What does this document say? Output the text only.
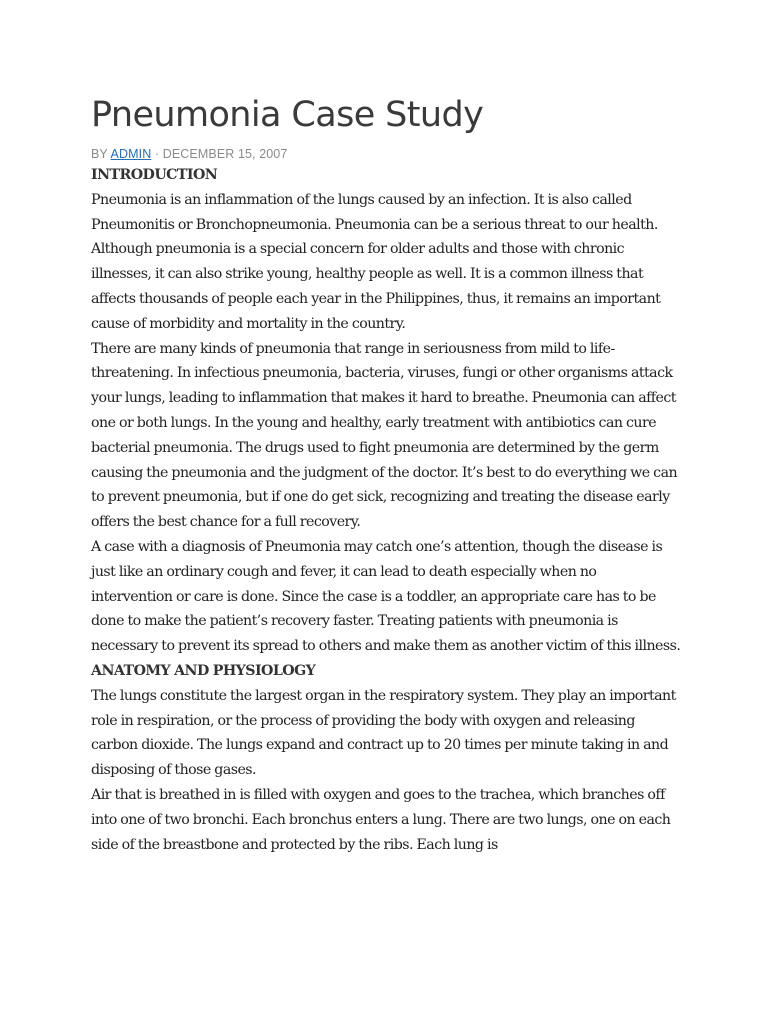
Pneumonia Case Study
BY ADMIN · DECEMBER 15, 2007

INTRODUCTION

Pneumonia is an inflammation of the lungs caused by an infection. It is also called Pneumonitis or Bronchopneumonia. Pneumonia can be a serious threat to our health. Although pneumonia is a special concern for older adults and those with chronic illnesses, it can also strike young, healthy people as well. It is a common illness that affects thousands of people each year in the Philippines, thus, it remains an important cause of morbidity and mortality in the country.

There are many kinds of pneumonia that range in seriousness from mild to life-threatening. In infectious pneumonia, bacteria, viruses, fungi or other organisms attack your lungs, leading to inflammation that makes it hard to breathe. Pneumonia can affect one or both lungs. In the young and healthy, early treatment with antibiotics can cure bacterial pneumonia. The drugs used to fight pneumonia are determined by the germ causing the pneumonia and the judgment of the doctor. It’s best to do everything we can to prevent pneumonia, but if one do get sick, recognizing and treating the disease early offers the best chance for a full recovery.

A case with a diagnosis of Pneumonia may catch one’s attention, though the disease is just like an ordinary cough and fever, it can lead to death especially when no intervention or care is done. Since the case is a toddler, an appropriate care has to be done to make the patient’s recovery faster. Treating patients with pneumonia is necessary to prevent its spread to others and make them as another victim of this illness.

ANATOMY AND PHYSIOLOGY

The lungs constitute the largest organ in the respiratory system. They play an important role in respiration, or the process of providing the body with oxygen and releasing carbon dioxide. The lungs expand and contract up to 20 times per minute taking in and disposing of those gases.

Air that is breathed in is filled with oxygen and goes to the trachea, which branches off into one of two bronchi. Each bronchus enters a lung. There are two lungs, one on each side of the breastbone and protected by the ribs. Each lung is
